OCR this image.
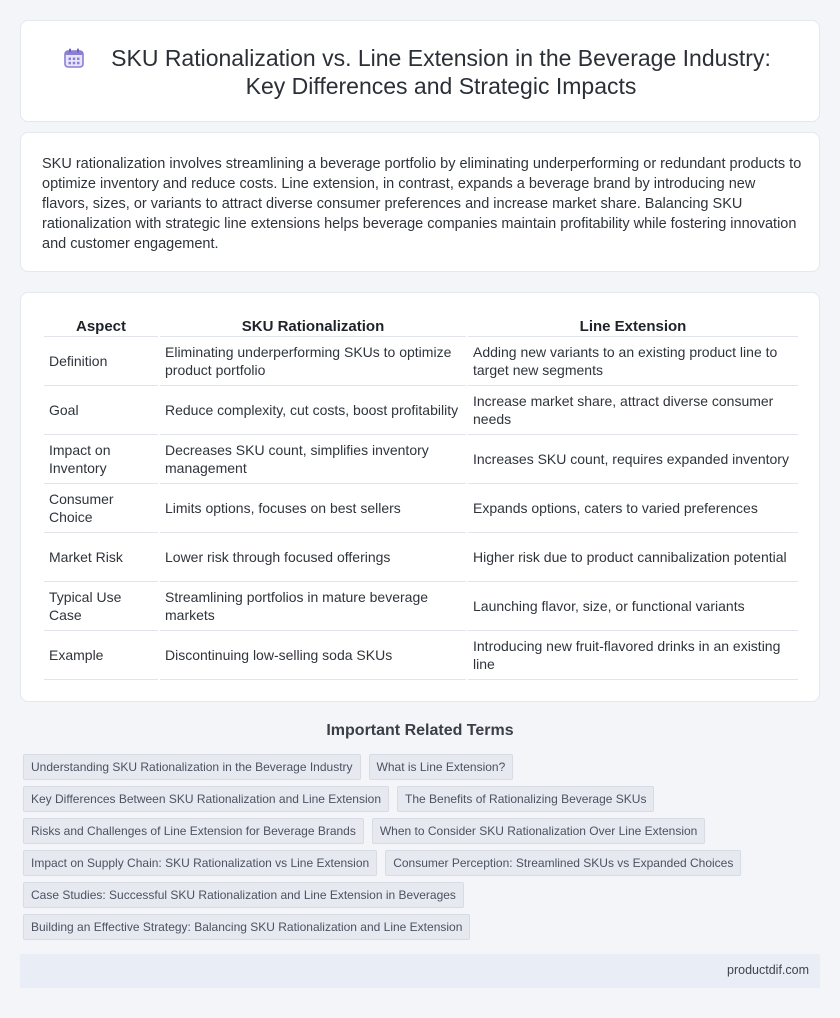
SKU Rationalization vs. Line Extension in the Beverage Industry:
Key Differences and Strategic Impacts

SKU rationalization involves streamlining a beverage portfolio by eliminating underperforming or redundant products to optimize inventory and reduce costs. Line extension, in contrast, expands a beverage brand by introducing new flavors, sizes, or variants to attract diverse consumer preferences and increase market share. Balancing SKU rationalization with strategic line extensions helps beverage companies maintain profitability while fostering innovation and customer engagement.

Aspect	SKU Rationalization	Line Extension
Definition	Eliminating underperforming SKUs to optimize product portfolio	Adding new variants to an existing product line to target new segments
Goal	Reduce complexity, cut costs, boost profitability	Increase market share, attract diverse consumer needs
Impact on Inventory	Decreases SKU count, simplifies inventory management	Increases SKU count, requires expanded inventory
Consumer Choice	Limits options, focuses on best sellers	Expands options, caters to varied preferences
Market Risk	Lower risk through focused offerings	Higher risk due to product cannibalization potential
Typical Use Case	Streamlining portfolios in mature beverage markets	Launching flavor, size, or functional variants
Example	Discontinuing low-selling soda SKUs	Introducing new fruit-flavored drinks in an existing line
Important Related Terms
Understanding SKU Rationalization in the Beverage Industry	What is Line Extension?
Key Differences Between SKU Rationalization and Line Extension	The Benefits of Rationalizing Beverage SKUs
Risks and Challenges of Line Extension for Beverage Brands	When to Consider SKU Rationalization Over Line Extension
Impact on Supply Chain: SKU Rationalization vs Line Extension	Consumer Perception: Streamlined SKUs vs Expanded Choices
Case Studies: Successful SKU Rationalization and Line Extension in Beverages
Building an Effective Strategy: Balancing SKU Rationalization and Line Extension
productdif.com
